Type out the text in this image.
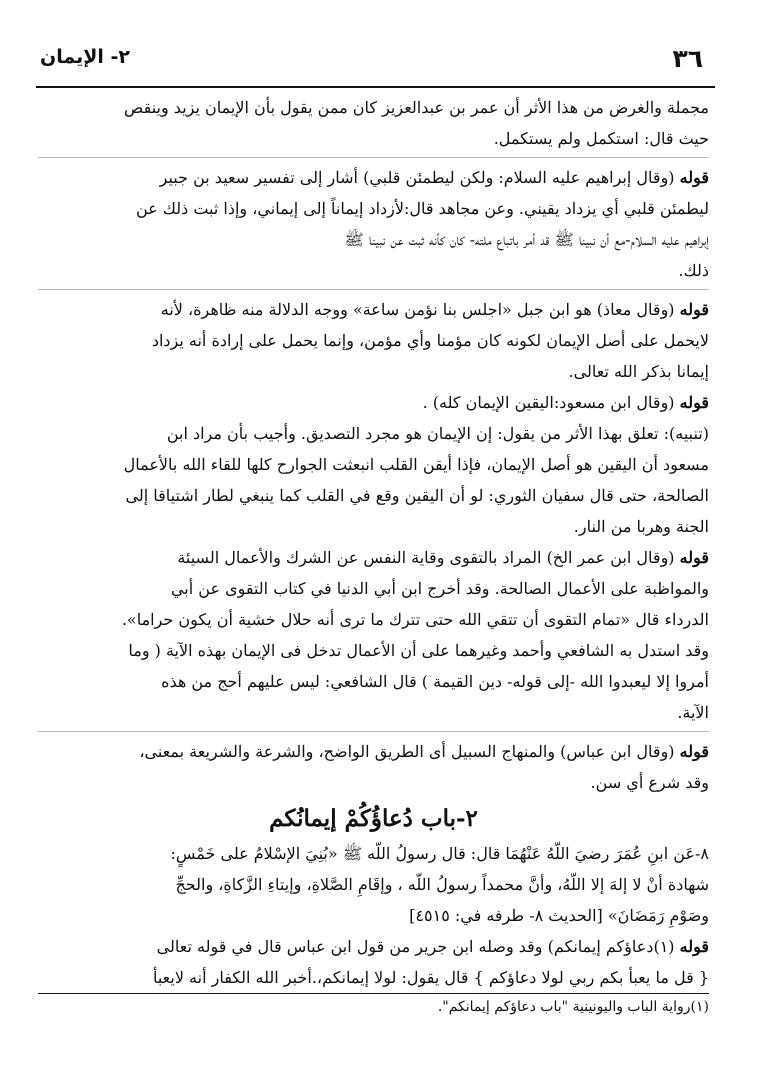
٣٦
٢- الإيمان
مجملة والغرض من هذا الأثر أن عمر بن عبدالعزيز كان ممن يقول بأن الإيمان يزيد وينقص
حيث قال: استكمل ولم يستكمل.
قوله (وقال إبراهيم عليه السلام: ولكن ليطمئن قلبي) أشار إلى تفسير سعيد بن جبير
ليطمئن قلبي أي يزداد يقيني. وعن مجاهد قال:لأزداد إيماناً إلى إيماني، وإذا ثبت ذلك عن
إبراهيم عليه السلام-مع أن نبينا ﷺ قد أمر باتباع ملته- كان كأنه ثبت عن نبينا ﷺ
ذلك.
قوله (وقال معاذ) هو ابن جبل «اجلس بنا نؤمن ساعة» ووجه الدلالة منه ظاهرة، لأنه
لايحمل على أصل الإيمان لكونه كان مؤمنا وأي مؤمن، وإنما يحمل على إرادة أنه يزداد
إيمانا بذكر الله تعالى.
قوله (وقال ابن مسعود:اليقين الإيمان كله) .
(تنبيه): تعلق بهذا الأثر من يقول: إن الإيمان هو مجرد التصديق. وأجيب بأن مراد ابن
مسعود أن اليقين هو أصل الإيمان، فإذا أيقن القلب انبعثت الجوارح كلها للقاء الله بالأعمال
الصالحة، حتى قال سفيان الثوري: لو أن اليقين وقع في القلب كما ينبغي لطار اشتياقا إلى
الجنة وهربا من النار.
قوله (وقال ابن عمر الخ) المراد بالتقوى وقاية النفس عن الشرك والأعمال السيئة
والمواظبة على الأعمال الصالحة. وقد أخرج ابن أبي الدنيا في كتاب التقوى عن أبي
الدرداء قال «تمام التقوى أن تتقي الله حتى تترك ما ترى أنه حلال خشية أن يكون حراما».
وقد استدل به الشافعي وأحمد وغيرهما على أن الأعمال تدخل فى الإيمان بهذه الآية ( وما
أمروا إلا ليعبدوا الله -إلى قوله- دين القيمة ) قال الشافعي: ليس عليهم أحج من هذه
الآية.
قوله (وقال ابن عباس) والمنهاج السبيل أى الطريق الواضح، والشرعة والشريعة بمعنى،
وقد شرع أي سن.
٢-باب دُعاؤُكُمْ إيمانُكم
٨-عَن ابنِ عُمَرَ رضيَ اللّهُ عَنْهُمَا قال: قال رسولُ اللّه ﷺ «بُنِيَ الإسْلامُ على خَمْسٍ:
شهادة أنْ لا إلهَ إلا اللّهُ، وأنَّ محمداً رسولُ اللّه ، وإقَامِ الصَّلاةِ، وإيتاءِ الزَّكاةِ، والحجِّ
وصَوْمِ رَمَضَانَ» [الحديث ٨- طرفه في: ٤٥١٥]
قوله (١)دعاؤكم إيمانكم) وقد وصله ابن جرير من قول ابن عباس قال في قوله تعالى
{ قل ما يعبأ بكم ربي لولا دعاؤكم } قال يقول: لولا إيمانكم،.أخبر الله الكفار أنه لايعبأ
(١)رواية الباب واليونينية "باب دعاؤكم إيمانكم".
